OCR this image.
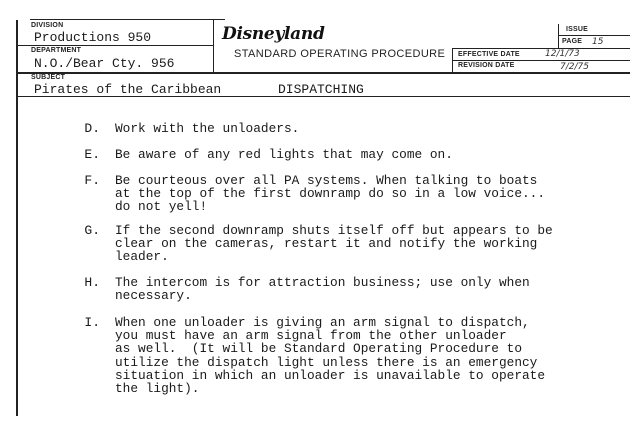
DIVISION
Productions 950
DEPARTMENT
N.O./Bear Cty. 956
SUBJECT
Pirates of the Caribbean	DISPATCHING
Disneyland
STANDARD OPERATING PROCEDURE
ISSUE
PAGE 15
EFFECTIVE DATE	12/1/73
REVISION DATE	7/2/75
D. Work with the unloaders.
E. Be aware of any red lights that may come on.
F. Be courteous over all PA systems. When talking to boats
at the top of the first downramp do so in a low voice...
do not yell!
G. If the second downramp shuts itself off but appears to be
clear on the cameras, restart it and notify the working
leader.
H. The intercom is for attraction business; use only when
necessary.
I. When one unloader is giving an arm signal to dispatch,
you must have an arm signal from the other unloader
as well.  (It will be Standard Operating Procedure to
utilize the dispatch light unless there is an emergency
situation in which an unloader is unavailable to operate
the light).
